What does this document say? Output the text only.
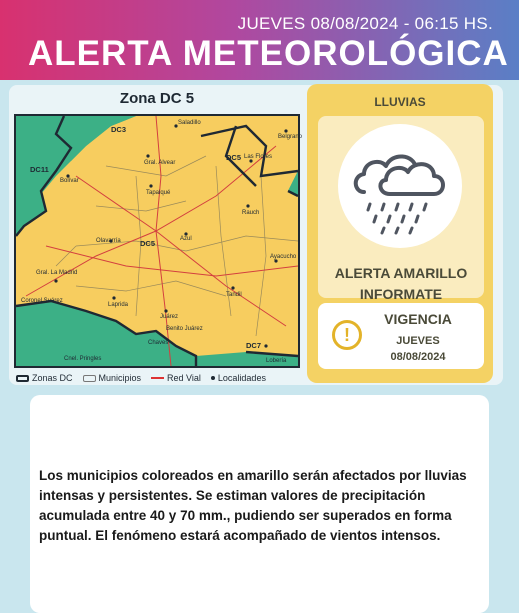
JUEVES 08/08/2024 - 06:15 HS.
ALERTA METEOROLÓGICA
Zona DC 5
DC3
DC11
DC5
DC5
DC7
Saladillo
Gral. Alvear
Tapalqué
Olavarría	Azul
Rauch
Las Flores
Laprida
Gral. La Madrid
Tandil
Ayacucho
Juárez
Benito Juárez
Coronel Suárez
Chaves
Bolívar
Lobería
Cnel. Pringles
Belgrano
Zonas DC	Municipios	Red Vial Localidades
LLUVIAS
ALERTA AMARILLO
INFORMATE
!
VIGENCIA
JUEVES
08/08/2024
Los municipios coloreados en amarillo serán afectados por lluvias intensas y persistentes. Se estiman valores de precipitación acumulada entre 40 y 70 mm., pudiendo ser superados en forma puntual. El fenómeno estará acompañado de vientos intensos.
